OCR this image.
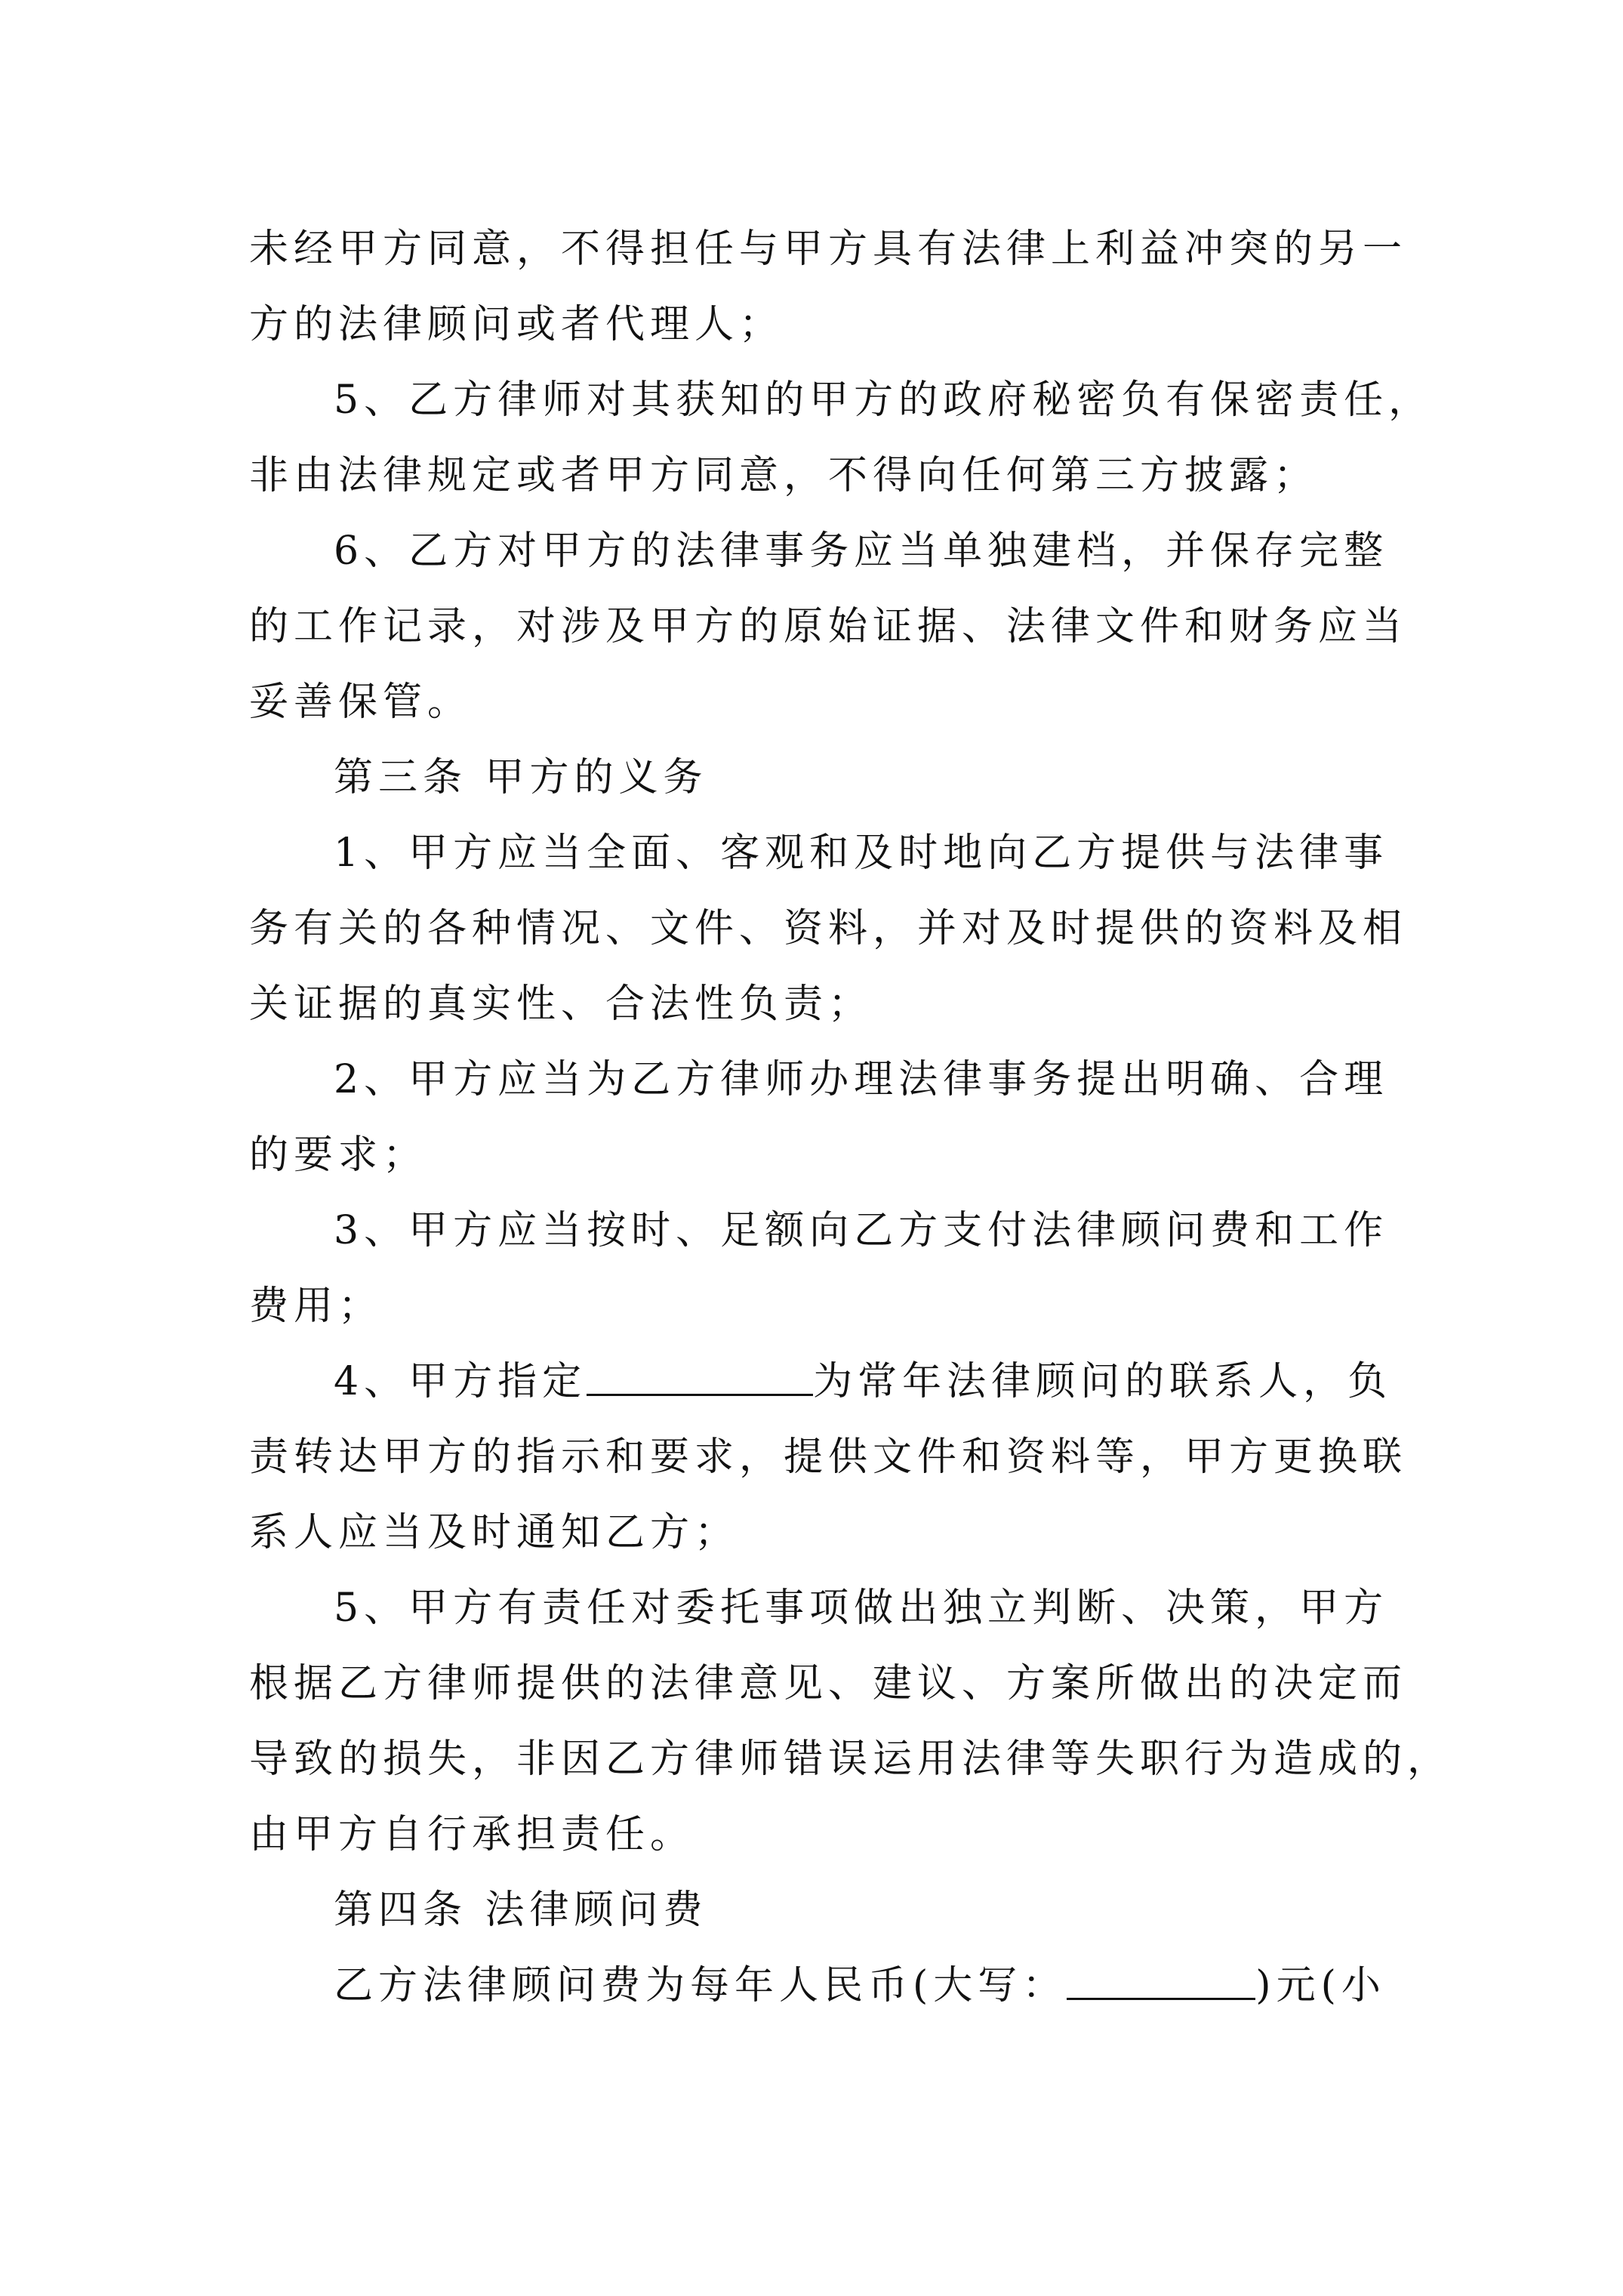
未经甲方同意，不得担任与甲方具有法律上利益冲突的另一
方的法律顾问或者代理人；
5、乙方律师对其获知的甲方的政府秘密负有保密责任，
非由法律规定或者甲方同意，不得向任何第三方披露；
6、乙方对甲方的法律事务应当单独建档，并保存完整
的工作记录，对涉及甲方的原始证据、法律文件和财务应当
妥善保管。
第三条 甲方的义务
1、甲方应当全面、客观和及时地向乙方提供与法律事
务有关的各种情况、文件、资料，并对及时提供的资料及相
关证据的真实性、合法性负责；
2、甲方应当为乙方律师办理法律事务提出明确、合理
的要求；
3、甲方应当按时、足额向乙方支付法律顾问费和工作
费用；
4、甲方指定	为常年法律顾问的联系人，负
责转达甲方的指示和要求，提供文件和资料等，甲方更换联
系人应当及时通知乙方；
5、甲方有责任对委托事项做出独立判断、决策，甲方
根据乙方律师提供的法律意见、建议、方案所做出的决定而
导致的损失，非因乙方律师错误运用法律等失职行为造成的，
由甲方自行承担责任。
第四条 法律顾问费
乙方法律顾问费为每年人民币(大写：	)元(小
